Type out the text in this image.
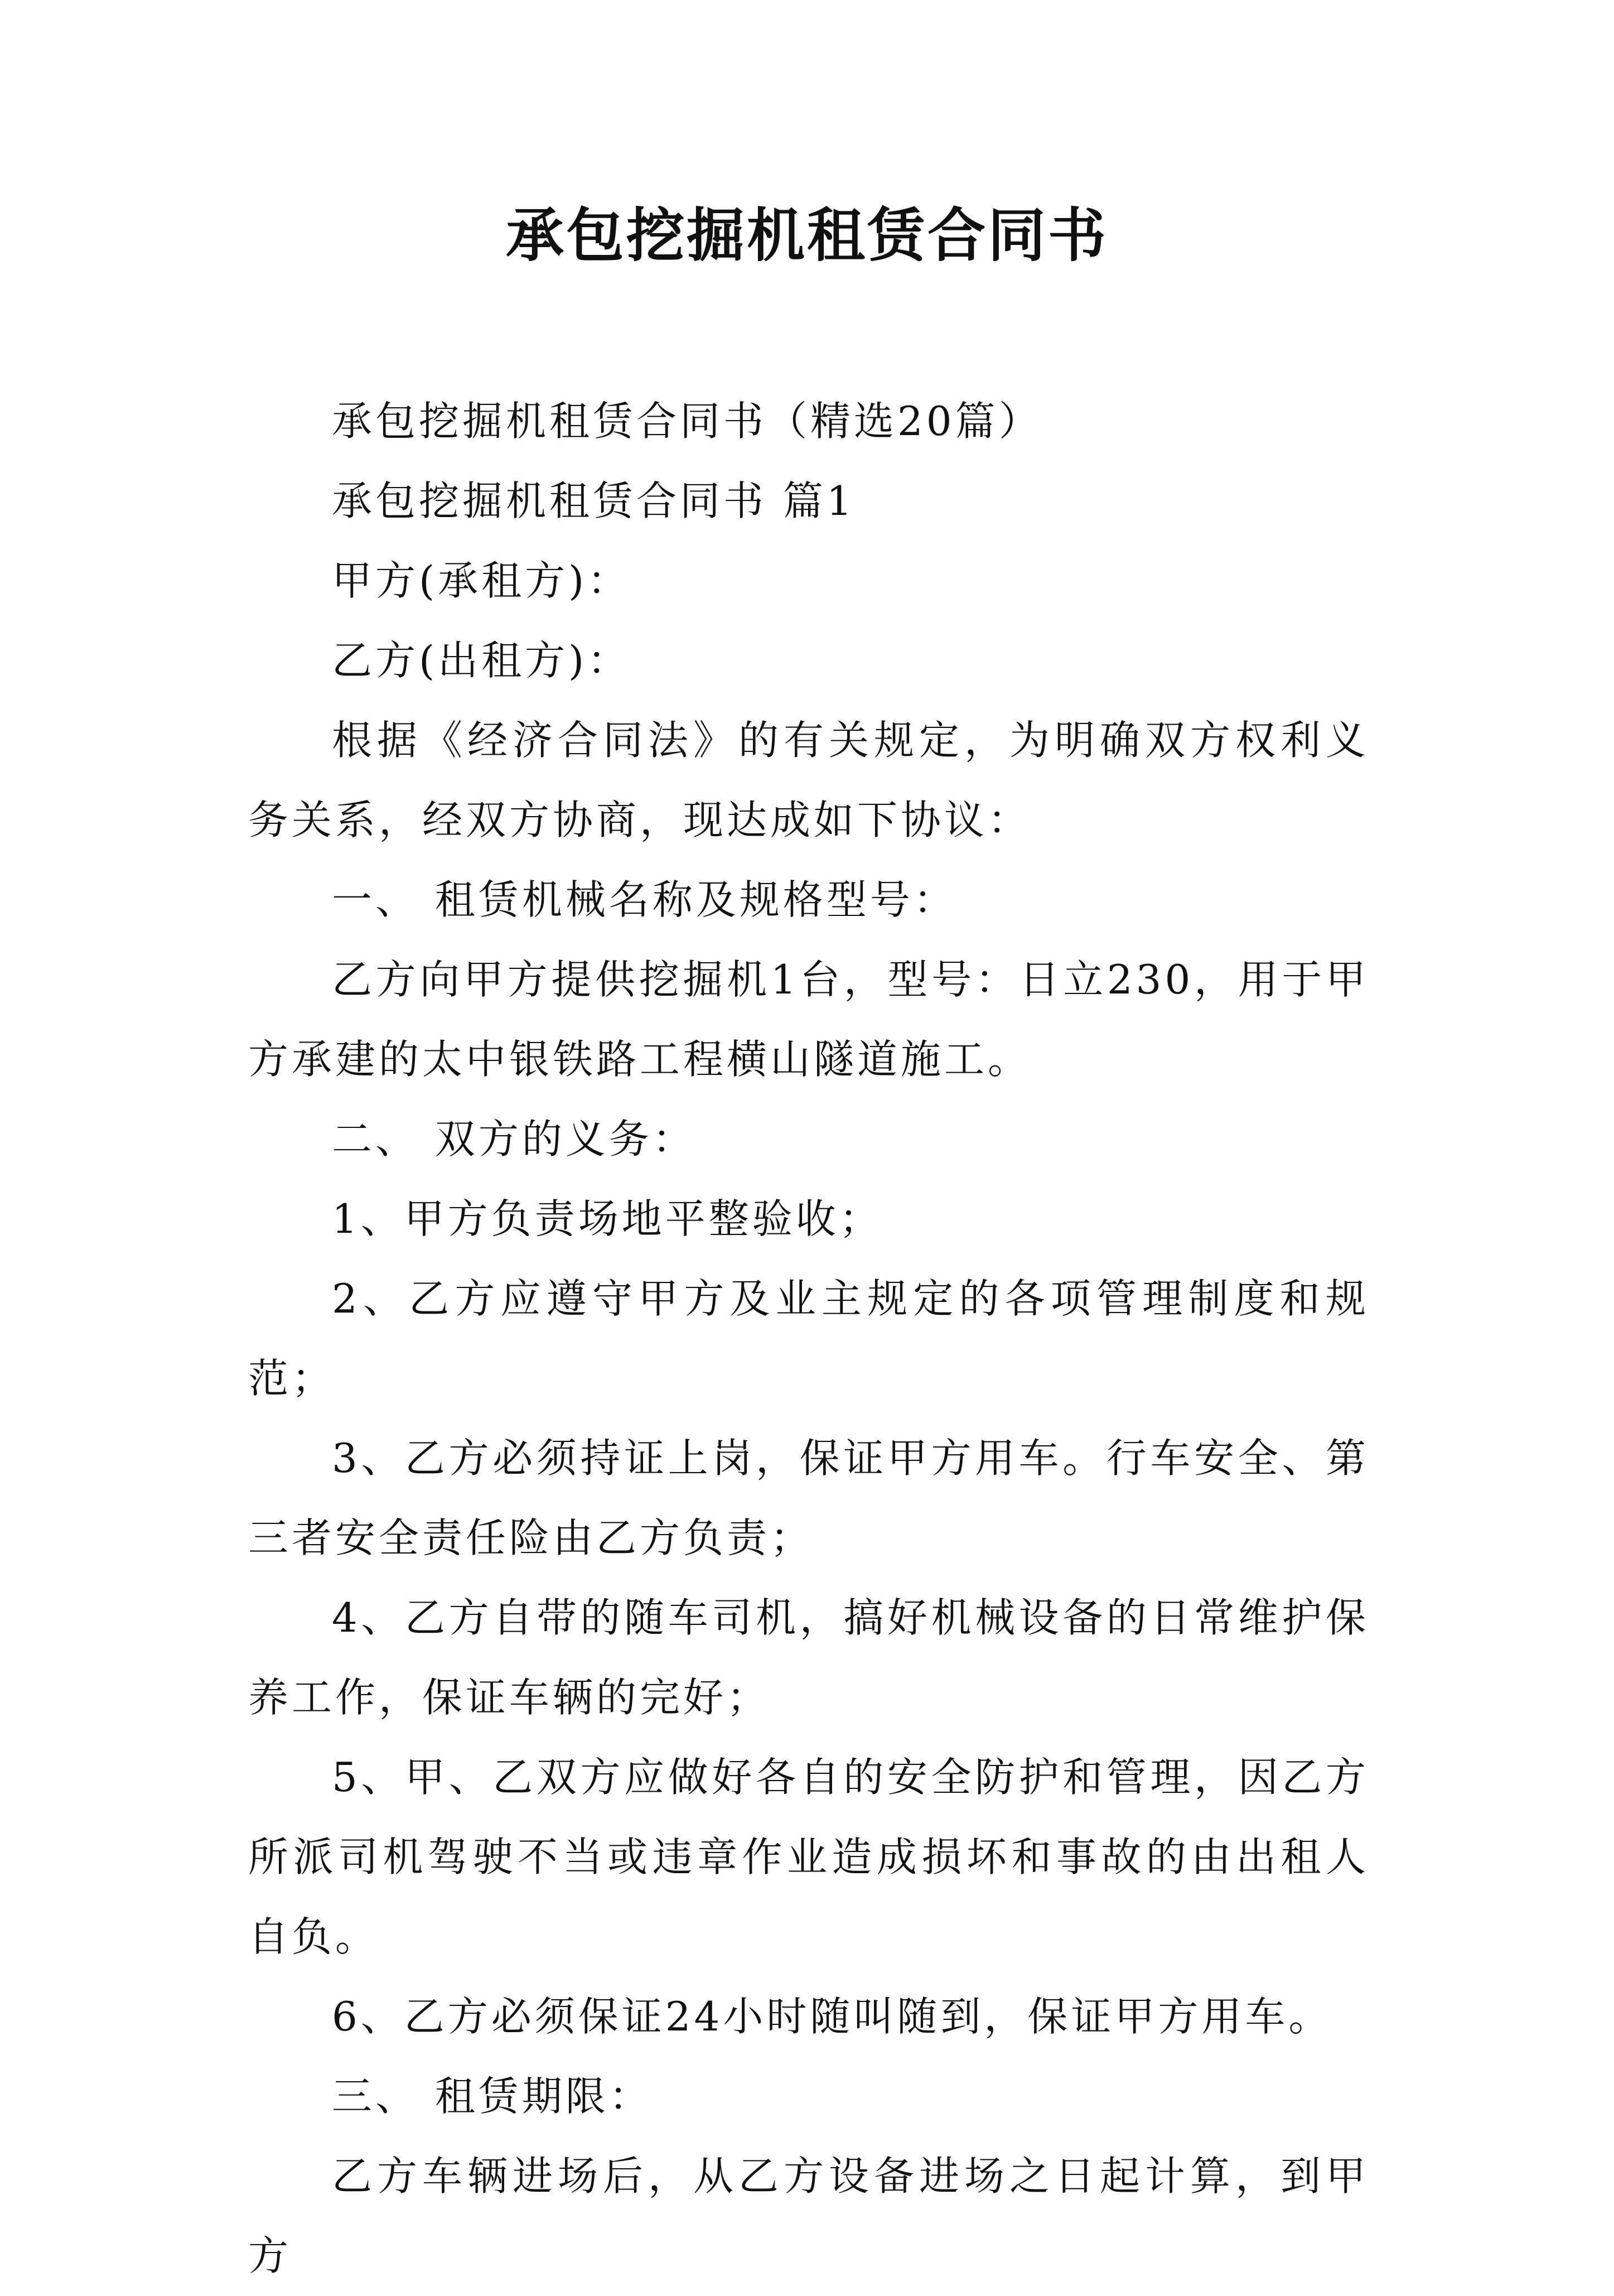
承包挖掘机租赁合同书

承包挖掘机租赁合同书（精选20篇）

承包挖掘机租赁合同书 篇1

甲方(承租方)：

乙方(出租方)：

根据《经济合同法》的有关规定，为明确双方权利义务关系，经双方协商，现达成如下协议：

一、 租赁机械名称及规格型号：

乙方向甲方提供挖掘机1台，型号：日立230，用于甲方承建的太中银铁路工程横山隧道施工。

二、 双方的义务：

1、甲方负责场地平整验收；

2、乙方应遵守甲方及业主规定的各项管理制度和规范；

3、乙方必须持证上岗，保证甲方用车。行车安全、第三者安全责任险由乙方负责；

4、乙方自带的随车司机，搞好机械设备的日常维护保养工作，保证车辆的完好；

5、甲、乙双方应做好各自的安全防护和管理，因乙方所派司机驾驶不当或违章作业造成损坏和事故的由出租人自负。

6、乙方必须保证24小时随叫随到，保证甲方用车。

三、 租赁期限：

乙方车辆进场后，从乙方设备进场之日起计算，到甲方
